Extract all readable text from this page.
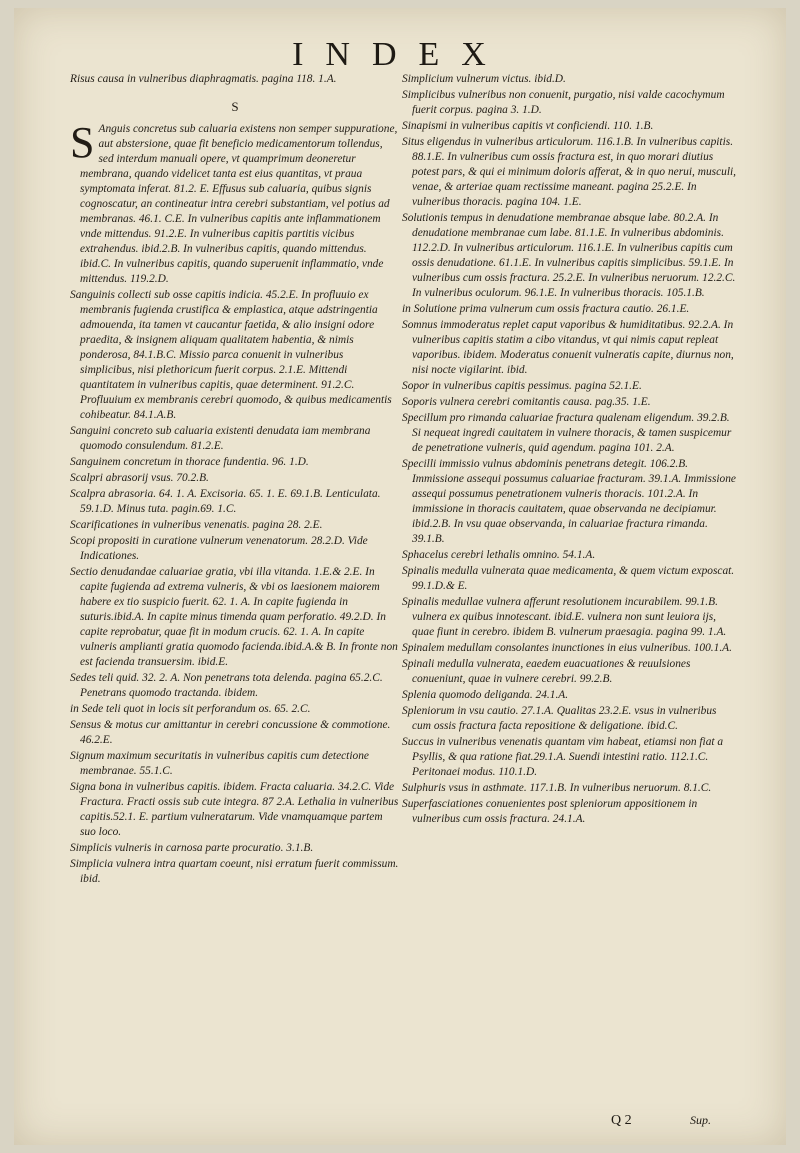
INDEX

Risus causa in vulneribus diaphragmatis. pagina 118. 1.A.

S

S Anguis concretus sub caluaria existens non semper suppuratione, aut abstersione, quae fit beneficio medicamentorum tollendus, sed interdum manuali opere, vt quamprimum deoneretur membrana, quando videlicet tanta est eius quantitas, vt praua symptomata inferat. 81.2. E. Effusus sub caluaria, quibus signis cognoscatur, an contineatur intra cerebri substantiam, vel potius ad membranas. 46.1. C.E. In vulneribus capitis ante inflammationem vnde mittendus. 91.2.E. In vulneribus capitis partitis vicibus extrahendus. ibid.2.B. In vulneribus capitis, quando mittendus. ibid.C. In vulneribus capitis, quando superuenit inflammatio, vnde mittendus. 119.2.D.

Sanguinis collecti sub osse capitis indicia. 45.2.E. In profluuio ex membranis fugienda crustifica & emplastica, atque adstringentia admouenda, ita tamen vt caucantur faetida, & alio insigni odore praedita, & insignem aliquam qualitatem habentia, & nimis ponderosa, 84.1.B.C. Missio parca conuenit in vulneribus simplicibus, nisi plethoricum fuerit corpus. 2.1.E. Mittendi quantitatem in vulneribus capitis, quae determinent. 91.2.C. Profluuium ex membranis cerebri quomodo, & quibus medicamentis cohibeatur. 84.1.A.B.

Sanguini concreto sub caluaria existenti denudata iam membrana quomodo consulendum. 81.2.E.

Sanguinem concretum in thorace fundentia. 96. 1.D.

Scalpri abrasorij vsus. 70.2.B.

Scalpra abrasoria. 64. 1. A. Excisoria. 65. 1. E. 69.1.B. Lenticulata. 59.1.D. Minus tuta. pagin.69. 1.C.

Scarificationes in vulneribus venenatis. pagina 28. 2.E.

Scopi propositi in curatione vulnerum venenatorum. 28.2.D. Vide Indicationes.

Sectio denudandae caluariae gratia, vbi illa vitanda. 1.E.& 2.E. In capite fugienda ad extrema vulneris, & vbi os laesionem maiorem habere ex tio suspicio fuerit. 62. 1. A. In capite fugienda in suturis.ibid.A. In capite minus timenda quam perforatio. 49.2.D. In capite reprobatur, quae fit in modum crucis. 62. 1. A. In capite vulneris amplianti gratia quomodo facienda.ibid.A.& B. In fronte non est facienda transuersim. ibid.E.

Sedes teli quid. 32. 2. A. Non penetrans tota delenda. pagina 65.2.C. Penetrans quomodo tractanda. ibidem.

in Sede teli quot in locis sit perforandum os. 65. 2.C.

Sensus & motus cur amittantur in cerebri concussione & commotione. 46.2.E.

Signum maximum securitatis in vulneribus capitis cum detectione membranae. 55.1.C.

Signa bona in vulneribus capitis. ibidem. Fracta caluaria. 34.2.C. Vide Fractura. Fracti ossis sub cute integra. 87 2.A. Lethalia in vulneribus capitis.52.1. E. partium vulneratarum. Vide vnamquamque partem suo loco.

Simplicis vulneris in carnosa parte procuratio. 3.1.B.

Simplicia vulnera intra quartam coeunt, nisi erratum fuerit commissum. ibid.

Simplicium vulnerum victus. ibid.D.

Simplicibus vulneribus non conuenit, purgatio, nisi valde cacochymum fuerit corpus. pagina 3. 1.D.

Sinapismi in vulneribus capitis vt conficiendi. 110. 1.B.

Situs eligendus in vulneribus articulorum. 116.1.B. In vulneribus capitis. 88.1.E. In vulneribus cum ossis fractura est, in quo morari diutius potest pars, & qui ei minimum doloris afferat, & in quo nerui, musculi, venae, & arteriae quam rectissime maneant. pagina 25.2.E. In vulneribus thoracis. pagina 104. 1.E.

Solutionis tempus in denudatione membranae absque labe. 80.2.A. In denudatione membranae cum labe. 81.1.E. In vulneribus abdominis. 112.2.D. In vulneribus articulorum. 116.1.E. In vulneribus capitis cum ossis denudatione. 61.1.E. In vulneribus capitis simplicibus. 59.1.E. In vulneribus cum ossis fractura. 25.2.E. In vulneribus neruorum. 12.2.C. In vulneribus oculorum. 96.1.E. In vulneribus thoracis. 105.1.B.

in Solutione prima vulnerum cum ossis fractura cautio. 26.1.E.

Somnus immoderatus replet caput vaporibus & humiditatibus. 92.2.A. In vulneribus capitis statim a cibo vitandus, vt qui nimis caput repleat vaporibus. ibidem. Moderatus conuenit vulneratis capite, diurnus non, nisi nocte vigilarint. ibid.

Sopor in vulneribus capitis pessimus. pagina 52.1.E.

Soporis vulnera cerebri comitantis causa. pag.35. 1.E.

Specillum pro rimanda caluariae fractura qualenam eligendum. 39.2.B. Si nequeat ingredi cauitatem in vulnere thoracis, & tamen suspicemur de penetratione vulneris, quid agendum. pagina 101. 2.A.

Specilli immissio vulnus abdominis penetrans detegit. 106.2.B. Immissione assequi possumus caluariae fracturam. 39.1.A. Immissione assequi possumus penetrationem vulneris thoracis. 101.2.A. In immissione in thoracis cauitatem, quae observanda ne decipiamur. ibid.2.B. In vsu quae observanda, in caluariae fractura rimanda. 39.1.B.

Sphacelus cerebri lethalis omnino. 54.1.A.

Spinalis medulla vulnerata quae medicamenta, & quem victum exposcat. 99.1.D.& E.

Spinalis medullae vulnera afferunt resolutionem incurabilem. 99.1.B. vulnera ex quibus innotescant. ibid.E. vulnera non sunt leuiora ijs, quae fiunt in cerebro. ibidem B. vulnerum praesagia. pagina 99. 1.A.

Spinalem medullam consolantes inunctiones in eius vulneribus. 100.1.A.

Spinali medulla vulnerata, eaedem euacuationes & reuulsiones conueniunt, quae in vulnere cerebri. 99.2.B.

Splenia quomodo deliganda. 24.1.A.

Spleniorum in vsu cautio. 27.1.A. Qualitas 23.2.E. vsus in vulneribus cum ossis fractura facta repositione & deligatione. ibid.C.

Succus in vulneribus venenatis quantam vim habeat, etiamsi non fiat a Psyllis, & qua ratione fiat.29.1.A. Suendi intestini ratio. 112.1.C. Peritonaei modus. 110.1.D.

Sulphuris vsus in asthmate. 117.1.B. In vulneribus neruorum. 8.1.C.

Superfasciationes conuenientes post spleniorum appositionem in vulneribus cum ossis fractura. 24.1.A.

Q 2	Sup.
